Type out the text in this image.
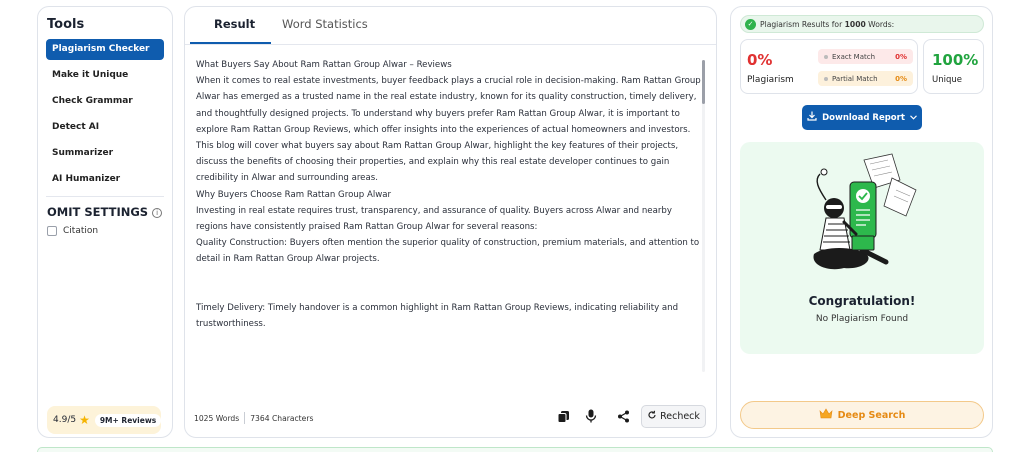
Tools
Plagiarism Checker
Make it Unique
Check Grammar
Detect AI
Summarizer
AI Humanizer
OMIT SETTINGS i
Citation
4.9/5 ★	9M+ Reviews
Result Word Statistics

What Buyers Say About Ram Rattan Group Alwar – Reviews

When it comes to real estate investments, buyer feedback plays a crucial role in decision-making. Ram Rattan Group Alwar has emerged as a trusted name in the real estate industry, known for its quality construction, timely delivery, and thoughtfully designed projects. To understand why buyers prefer Ram Rattan Group Alwar, it is important to explore Ram Rattan Group Reviews, which offer insights into the experiences of actual homeowners and investors.

This blog will cover what buyers say about Ram Rattan Group Alwar, highlight the key features of their projects, discuss the benefits of choosing their properties, and explain why this real estate developer continues to gain credibility in Alwar and surrounding areas.

Why Buyers Choose Ram Rattan Group Alwar

Investing in real estate requires trust, transparency, and assurance of quality. Buyers across Alwar and nearby regions have consistently praised Ram Rattan Group Alwar for several reasons:

Quality Construction: Buyers often mention the superior quality of construction, premium materials, and attention to detail in Ram Rattan Group Alwar projects.

Timely Delivery: Timely handover is a common highlight in Ram Rattan Group Reviews, indicating reliability and trustworthiness.

1025 Words 7364 Characters	Recheck
✓ Plagiarism Results for 1000 Words:
0%
Plagiarism
Exact Match	0%
Partial Match	0%
100%
Unique
Download Report
Congratulation!
No Plagiarism Found
Deep Search
